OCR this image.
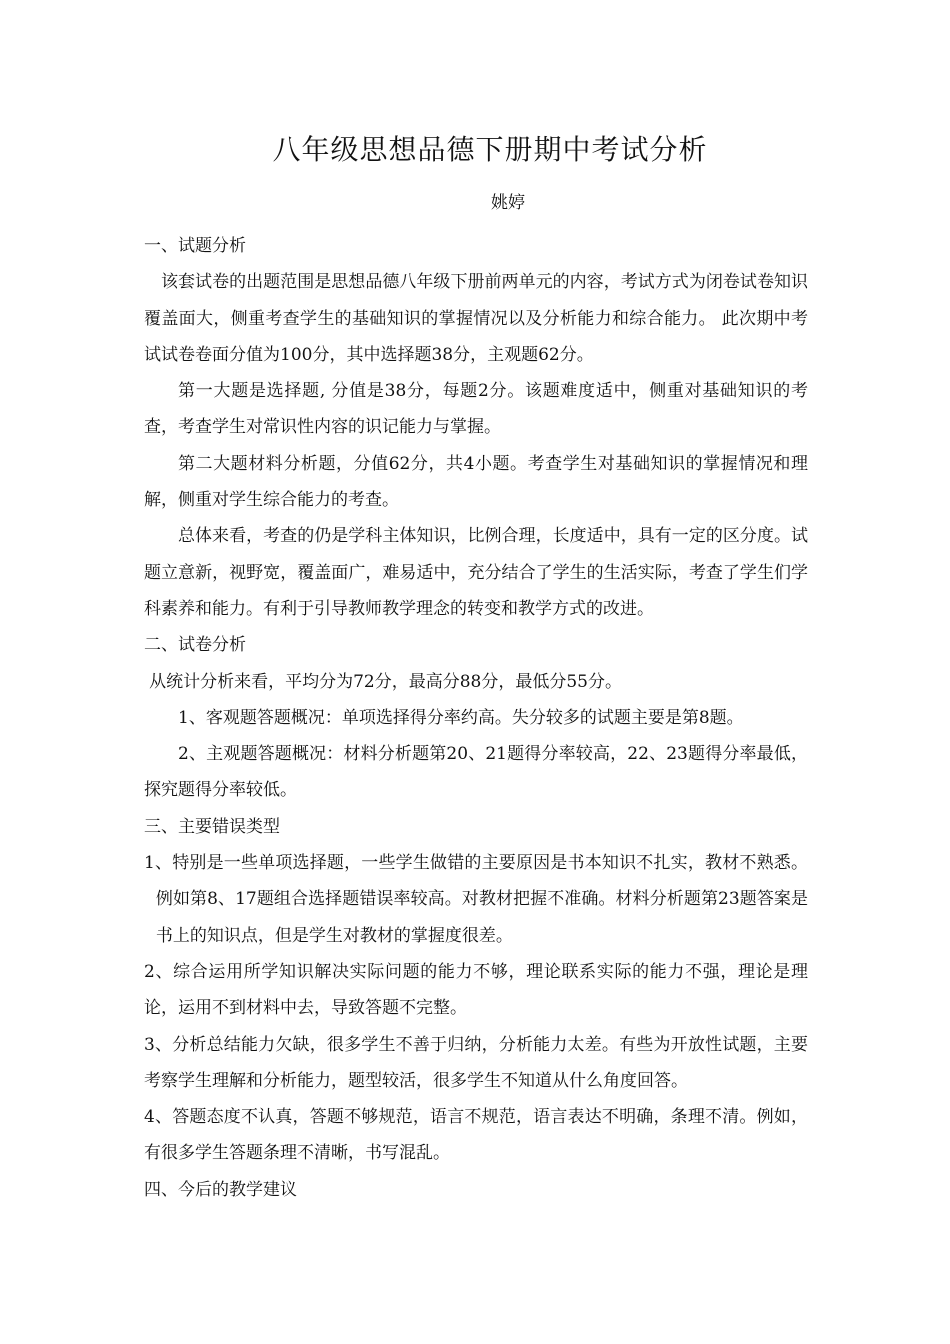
八年级思想品德下册期中考试分析
姚婷

一、试题分析

该套试卷的出题范围是思想品德八年级下册前两单元的内容，考试方式为闭卷试卷知识覆盖面大，侧重考查学生的基础知识的掌握情况以及分析能力和综合能力。 此次期中考试试卷卷面分值为100分，其中选择题38分，主观题62分。

第一大题是选择题, 分值是38分，每题2分。该题难度适中，侧重对基础知识的考查，考查学生对常识性内容的识记能力与掌握。

第二大题材料分析题，分值62分，共4小题。考查学生对基础知识的掌握情况和理解，侧重对学生综合能力的考查。

总体来看，考查的仍是学科主体知识，比例合理，长度适中，具有一定的区分度。试题立意新，视野宽，覆盖面广，难易适中，充分结合了学生的生活实际，考查了学生们学科素养和能力。有利于引导教师教学理念的转变和教学方式的改进。

二、试卷分析

从统计分析来看，平均分为72分，最高分88分，最低分55分。

1、客观题答题概况：单项选择得分率约高。失分较多的试题主要是第8题。

2、主观题答题概况：材料分析题第20、21题得分率较高，22、23题得分率最低，探究题得分率较低。

三、主要错误类型

1、特别是一些单项选择题，一些学生做错的主要原因是书本知识不扎实，教材不熟悉。例如第8、17题组合选择题错误率较高。对教材把握不准确。材料分析题第23题答案是书上的知识点，但是学生对教材的掌握度很差。

2、综合运用所学知识解决实际问题的能力不够，理论联系实际的能力不强，理论是理论，运用不到材料中去，导致答题不完整。

3、分析总结能力欠缺，很多学生不善于归纳，分析能力太差。有些为开放性试题，主要考察学生理解和分析能力，题型较活，很多学生不知道从什么角度回答。

4、答题态度不认真，答题不够规范，语言不规范，语言表达不明确，条理不清。例如，有很多学生答题条理不清晰，书写混乱。

四、今后的教学建议
